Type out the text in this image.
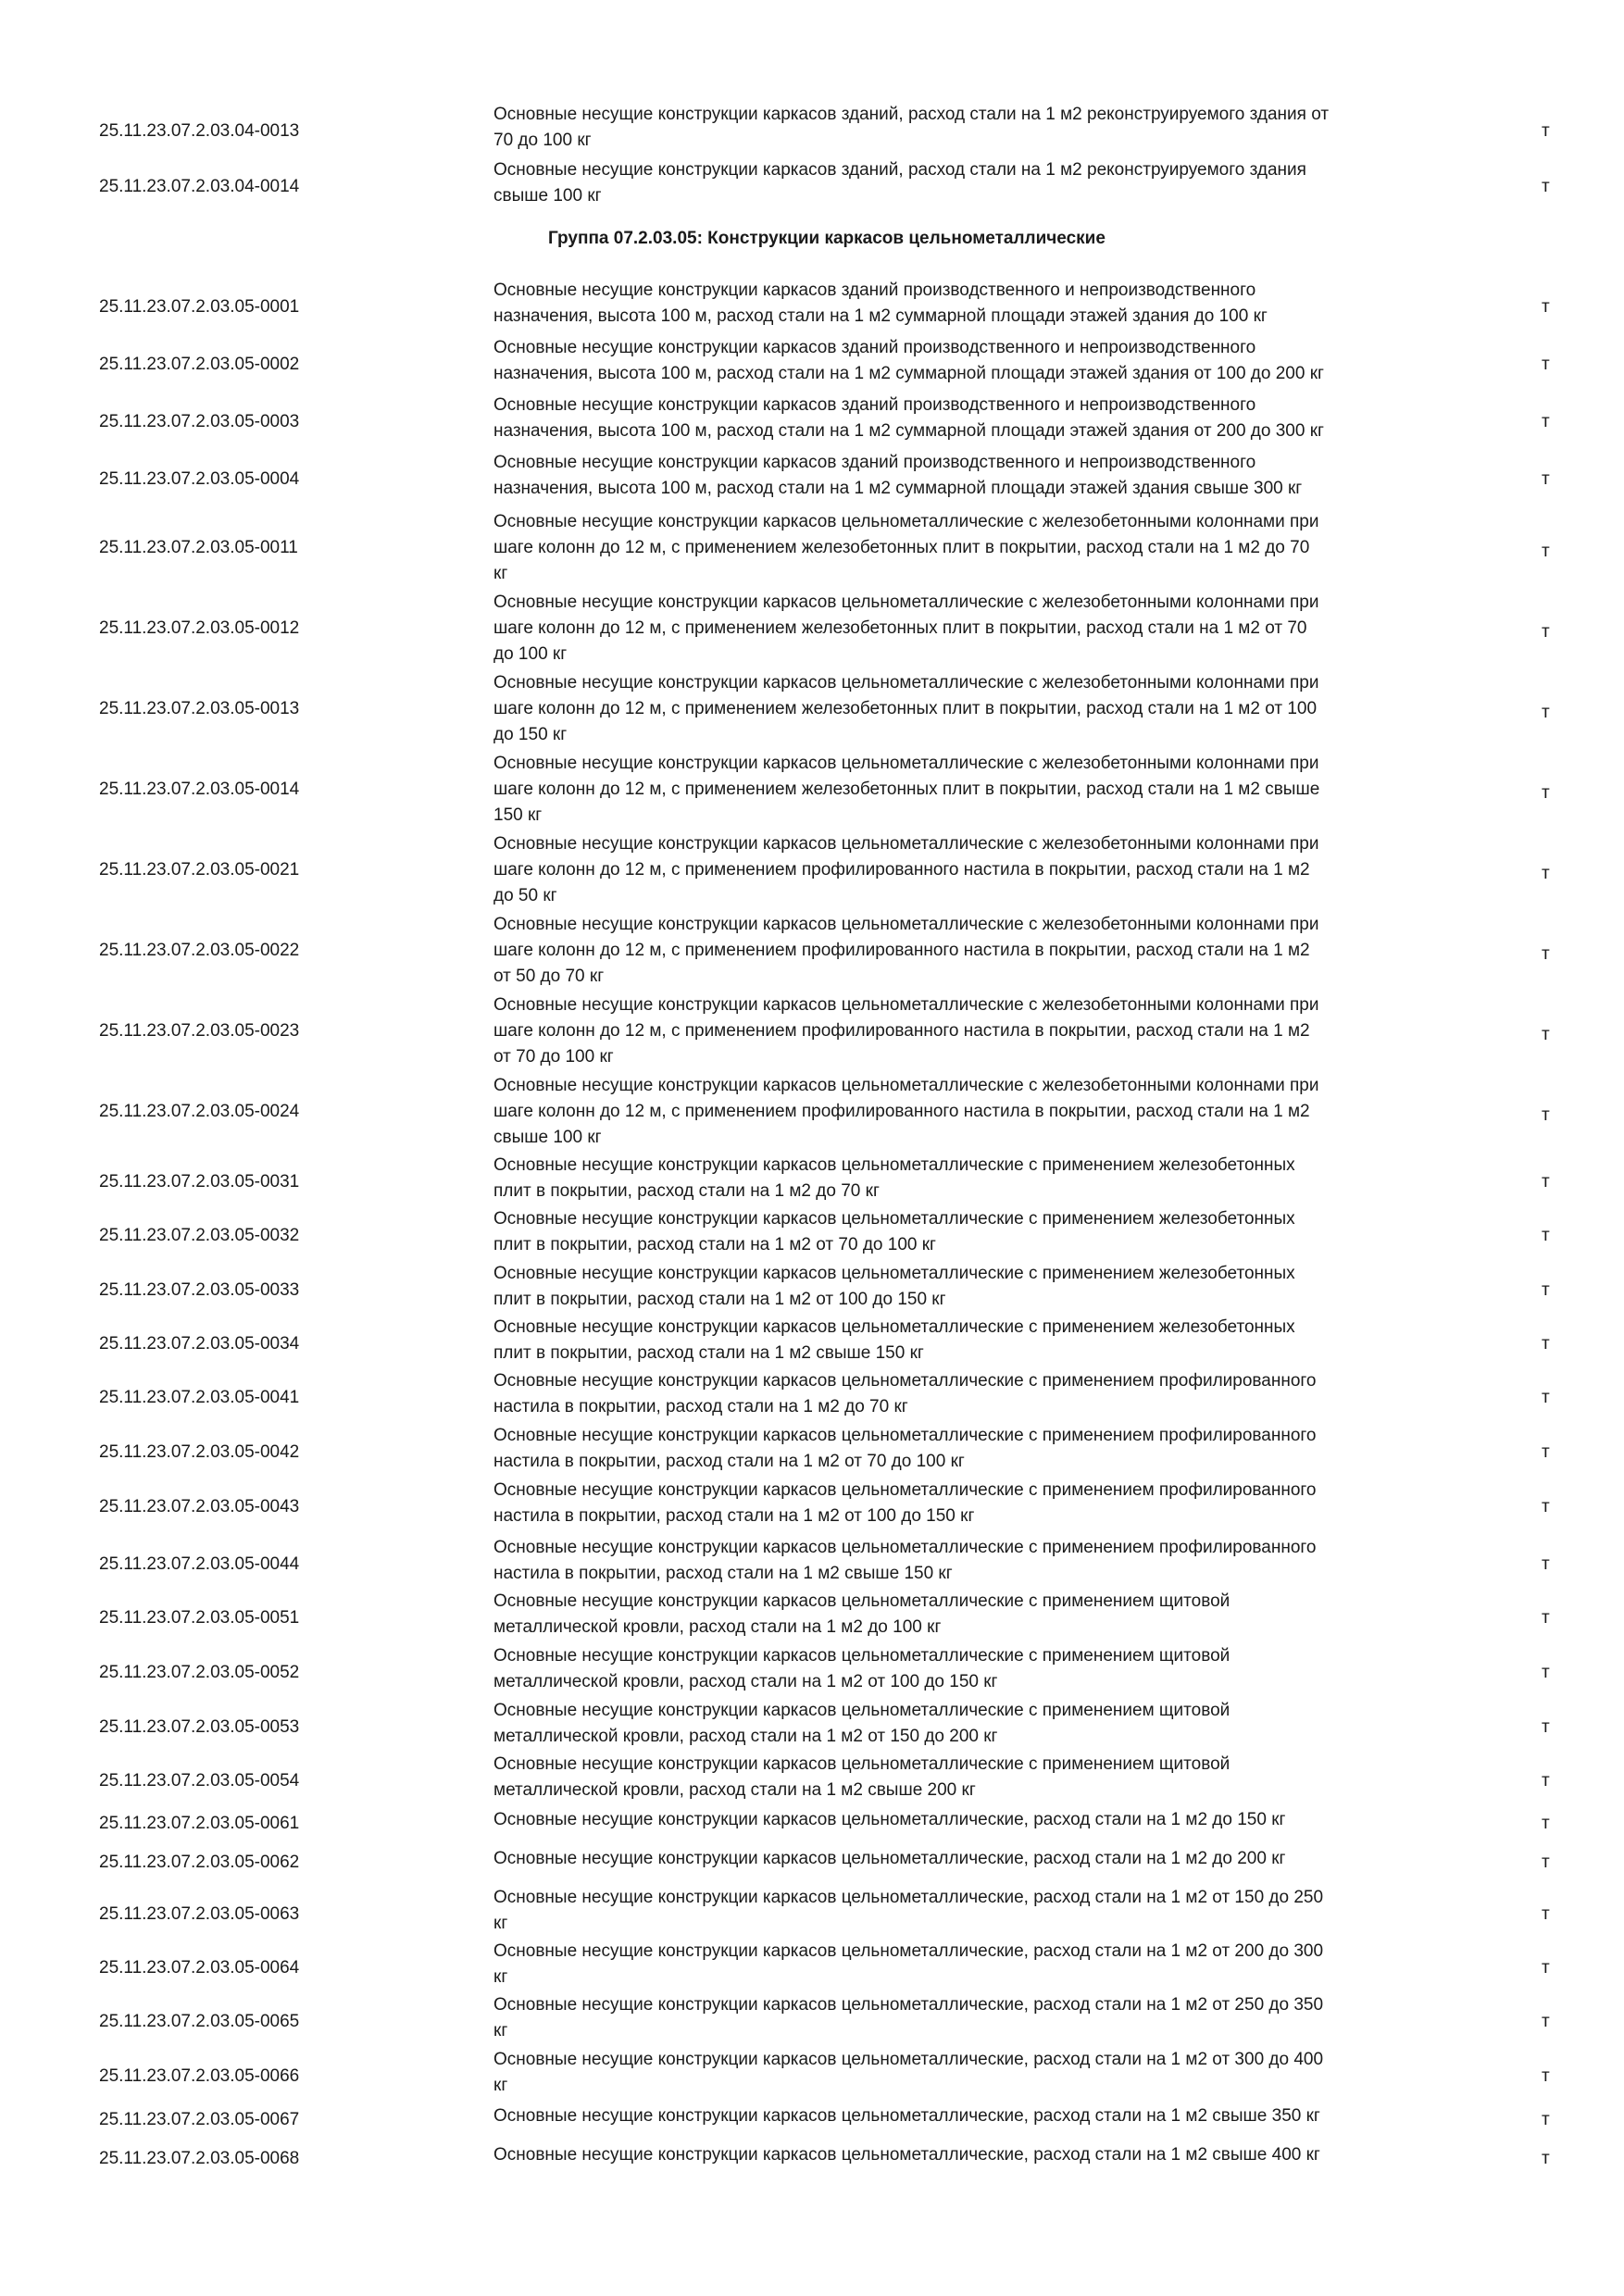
Группа 07.2.03.05: Конструкции каркасов цельнометаллические
25.11.23.07.2.03.04-0013
Основные несущие конструкции каркасов зданий, расход стали на 1 м2 реконструируемого здания от
70 до 100 кг	т
25.11.23.07.2.03.04-0014
Основные несущие конструкции каркасов зданий, расход стали на 1 м2 реконструируемого здания
свыше 100 кг	т
25.11.23.07.2.03.05-0001
Основные несущие конструкции каркасов зданий производственного и непроизводственного
назначения, высота 100 м, расход стали на 1 м2 суммарной площади этажей здания до 100 кг	т
25.11.23.07.2.03.05-0002
Основные несущие конструкции каркасов зданий производственного и непроизводственного
назначения, высота 100 м, расход стали на 1 м2 суммарной площади этажей здания от 100 до 200 кг	т
25.11.23.07.2.03.05-0003
Основные несущие конструкции каркасов зданий производственного и непроизводственного
назначения, высота 100 м, расход стали на 1 м2 суммарной площади этажей здания от 200 до 300 кг	т
25.11.23.07.2.03.05-0004
Основные несущие конструкции каркасов зданий производственного и непроизводственного
назначения, высота 100 м, расход стали на 1 м2 суммарной площади этажей здания свыше 300 кг	т
25.11.23.07.2.03.05-0011
Основные несущие конструкции каркасов цельнометаллические с железобетонными колоннами при
шаге колонн до 12 м, с применением железобетонных плит в покрытии, расход стали на 1 м2 до 70
кг
т
25.11.23.07.2.03.05-0012
Основные несущие конструкции каркасов цельнометаллические с железобетонными колоннами при
шаге колонн до 12 м, с применением железобетонных плит в покрытии, расход стали на 1 м2 от 70
до 100 кг
т
25.11.23.07.2.03.05-0013
Основные несущие конструкции каркасов цельнометаллические с железобетонными колоннами при
шаге колонн до 12 м, с применением железобетонных плит в покрытии, расход стали на 1 м2 от 100
до 150 кг
т
25.11.23.07.2.03.05-0014
Основные несущие конструкции каркасов цельнометаллические с железобетонными колоннами при
шаге колонн до 12 м, с применением железобетонных плит в покрытии, расход стали на 1 м2 свыше
150 кг
т
25.11.23.07.2.03.05-0021
Основные несущие конструкции каркасов цельнометаллические с железобетонными колоннами при
шаге колонн до 12 м, с применением профилированного настила в покрытии, расход стали на 1 м2
до 50 кг
т
25.11.23.07.2.03.05-0022
Основные несущие конструкции каркасов цельнометаллические с железобетонными колоннами при
шаге колонн до 12 м, с применением профилированного настила в покрытии, расход стали на 1 м2
от 50 до 70 кг
т
25.11.23.07.2.03.05-0023
Основные несущие конструкции каркасов цельнометаллические с железобетонными колоннами при
шаге колонн до 12 м, с применением профилированного настила в покрытии, расход стали на 1 м2
от 70 до 100 кг
т
25.11.23.07.2.03.05-0024
Основные несущие конструкции каркасов цельнометаллические с железобетонными колоннами при
шаге колонн до 12 м, с применением профилированного настила в покрытии, расход стали на 1 м2
свыше 100 кг
т
25.11.23.07.2.03.05-0031
Основные несущие конструкции каркасов цельнометаллические с применением железобетонных
плит в покрытии, расход стали на 1 м2 до 70 кг	т
25.11.23.07.2.03.05-0032
Основные несущие конструкции каркасов цельнометаллические с применением железобетонных
плит в покрытии, расход стали на 1 м2 от 70 до 100 кг	т
25.11.23.07.2.03.05-0033
Основные несущие конструкции каркасов цельнометаллические с применением железобетонных
плит в покрытии, расход стали на 1 м2 от 100 до 150 кг	т
25.11.23.07.2.03.05-0034
Основные несущие конструкции каркасов цельнометаллические с применением железобетонных
плит в покрытии, расход стали на 1 м2 свыше 150 кг	т
25.11.23.07.2.03.05-0041
Основные несущие конструкции каркасов цельнометаллические с применением профилированного
настила в покрытии, расход стали на 1 м2 до 70 кг	т
25.11.23.07.2.03.05-0042
Основные несущие конструкции каркасов цельнометаллические с применением профилированного
настила в покрытии, расход стали на 1 м2 от 70 до 100 кг	т
25.11.23.07.2.03.05-0043
Основные несущие конструкции каркасов цельнометаллические с применением профилированного
настила в покрытии, расход стали на 1 м2 от 100 до 150 кг	т
25.11.23.07.2.03.05-0044
Основные несущие конструкции каркасов цельнометаллические с применением профилированного
настила в покрытии, расход стали на 1 м2 свыше 150 кг	т
25.11.23.07.2.03.05-0051
Основные несущие конструкции каркасов цельнометаллические с применением щитовой
металлической кровли, расход стали на 1 м2 до 100 кг	т
25.11.23.07.2.03.05-0052
Основные несущие конструкции каркасов цельнометаллические с применением щитовой
металлической кровли, расход стали на 1 м2 от 100 до 150 кг	т
25.11.23.07.2.03.05-0053
Основные несущие конструкции каркасов цельнометаллические с применением щитовой
металлической кровли, расход стали на 1 м2 от 150 до 200 кг	т
25.11.23.07.2.03.05-0054
Основные несущие конструкции каркасов цельнометаллические с применением щитовой
металлической кровли, расход стали на 1 м2 свыше 200 кг	т
25.11.23.07.2.03.05-0061	Основные несущие конструкции каркасов цельнометаллические, расход стали на 1 м2 до 150 кг	т
25.11.23.07.2.03.05-0062	Основные несущие конструкции каркасов цельнометаллические, расход стали на 1 м2 до 200 кг	т
25.11.23.07.2.03.05-0063
Основные несущие конструкции каркасов цельнометаллические, расход стали на 1 м2 от 150 до 250
кг	т
25.11.23.07.2.03.05-0064
Основные несущие конструкции каркасов цельнометаллические, расход стали на 1 м2 от 200 до 300
кг	т
25.11.23.07.2.03.05-0065
Основные несущие конструкции каркасов цельнометаллические, расход стали на 1 м2 от 250 до 350
кг	т
25.11.23.07.2.03.05-0066
Основные несущие конструкции каркасов цельнометаллические, расход стали на 1 м2 от 300 до 400
кг	т
25.11.23.07.2.03.05-0067	Основные несущие конструкции каркасов цельнометаллические, расход стали на 1 м2 свыше 350 кг	т
25.11.23.07.2.03.05-0068	Основные несущие конструкции каркасов цельнометаллические, расход стали на 1 м2 свыше 400 кг	т
